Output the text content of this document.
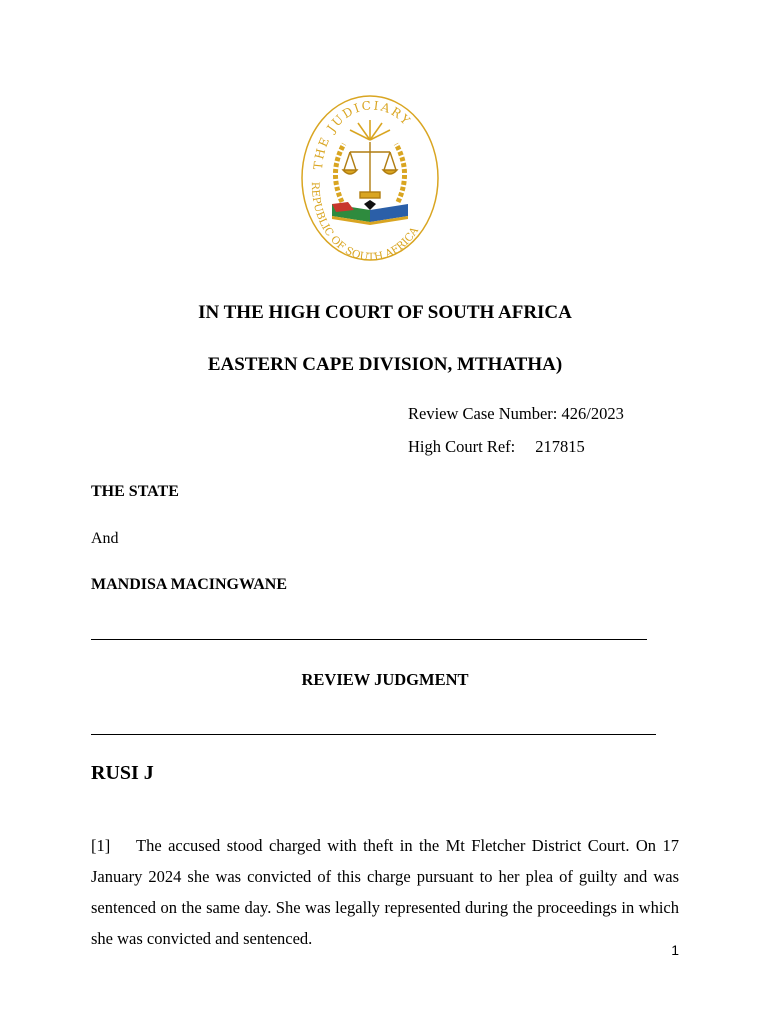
THE JUDICIARY
REPUBLIC OF SOUTH AFRICA
IN THE HIGH COURT OF SOUTH AFRICA
EASTERN CAPE DIVISION, MTHATHA)
Review Case Number: 426/2023
High Court Ref: 217815
THE STATE
And
MANDISA MACINGWANE
REVIEW JUDGMENT
RUSI J

[1] The accused stood charged with theft in the Mt Fletcher District Court. On 17 January 2024 she was convicted of this charge pursuant to her plea of guilty and was sentenced on the same day. She was legally represented during the proceedings in which she was convicted and sentenced.

1
